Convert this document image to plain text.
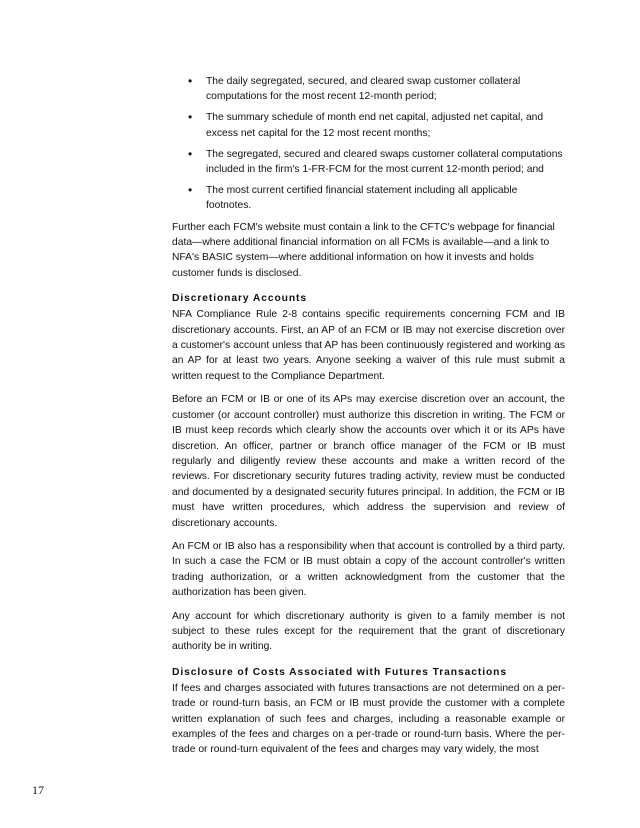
• The daily segregated, secured, and cleared swap customer collateral computations for the most recent 12-month period;
• The summary schedule of month end net capital, adjusted net capital, and excess net capital for the 12 most recent months;
• The segregated, secured and cleared swaps customer collateral computations included in the firm's 1-FR-FCM for the most current 12-month period; and
• The most current certified financial statement including all applicable footnotes.

Further each FCM's website must contain a link to the CFTC's webpage for financial data—where additional financial information on all FCMs is available—and a link to NFA's BASIC system—where additional information on how it invests and holds customer funds is disclosed.

Discretionary Accounts

NFA Compliance Rule 2-8 contains specific requirements concerning FCM and IB discretionary accounts. First, an AP of an FCM or IB may not exercise discretion over a customer's account unless that AP has been continuously registered and working as an AP for at least two years. Anyone seeking a waiver of this rule must submit a written request to the Compliance Department.

Before an FCM or IB or one of its APs may exercise discretion over an account, the customer (or account controller) must authorize this discretion in writing. The FCM or IB must keep records which clearly show the accounts over which it or its APs have discretion. An officer, partner or branch office manager of the FCM or IB must regularly and diligently review these accounts and make a written record of the reviews. For discretionary security futures trading activity, review must be conducted and documented by a designated security futures principal. In addition, the FCM or IB must have written procedures, which address the supervision and review of discretionary accounts.

An FCM or IB also has a responsibility when that account is controlled by a third party. In such a case the FCM or IB must obtain a copy of the account controller's written trading authorization, or a written acknowledgment from the customer that the authorization has been given.

Any account for which discretionary authority is given to a family member is not subject to these rules except for the requirement that the grant of discretionary authority be in writing.

Disclosure of Costs Associated with Futures Transactions

If fees and charges associated with futures transactions are not determined on a per-trade or round-turn basis, an FCM or IB must provide the customer with a complete written explanation of such fees and charges, including a reasonable example or examples of the fees and charges on a per-trade or round-turn basis. Where the per-trade or round-turn equivalent of the fees and charges may vary widely, the most

17
